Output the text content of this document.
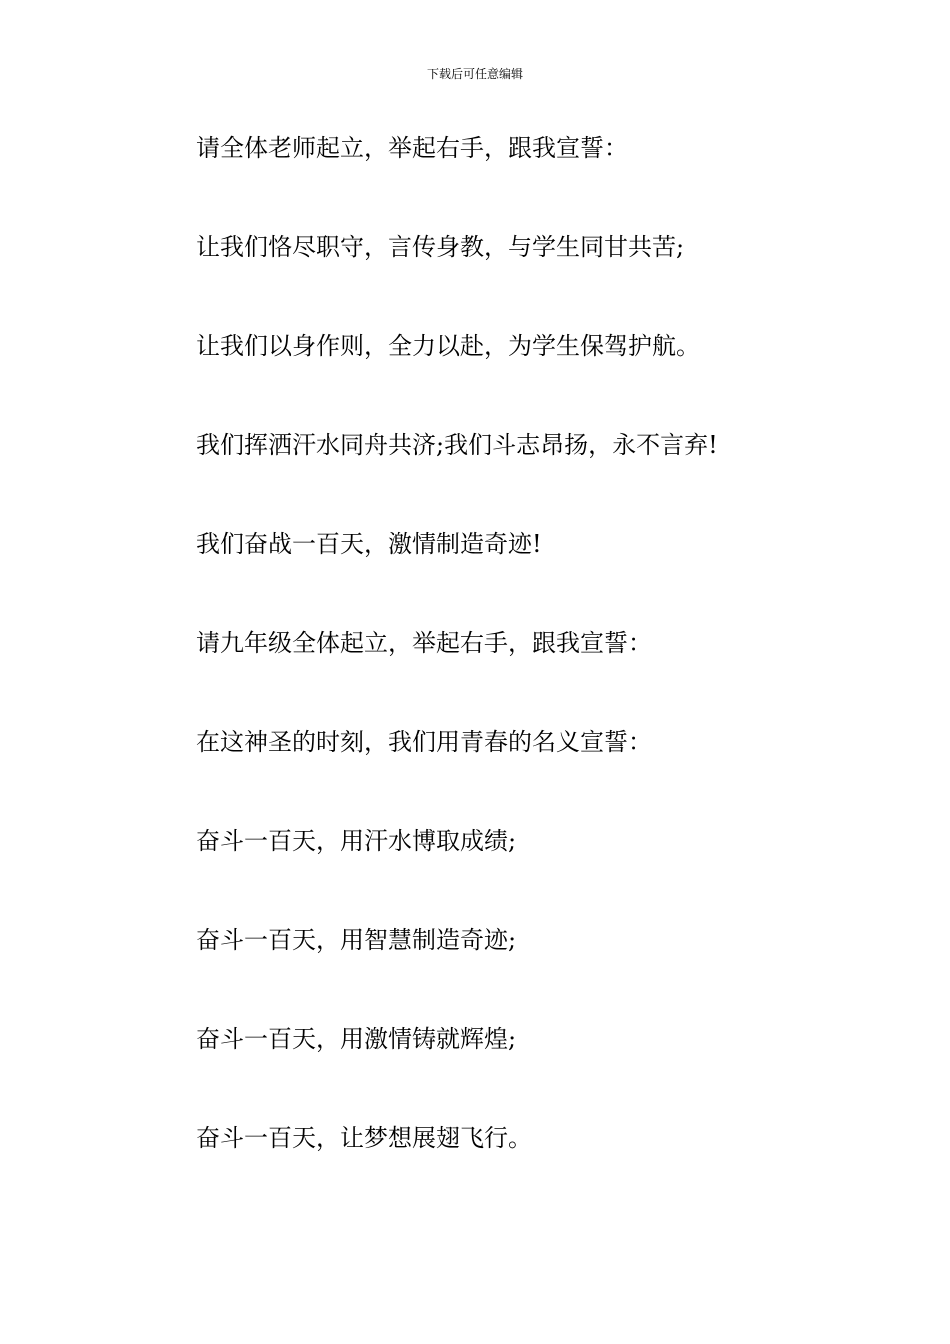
下载后可任意编辑

请全体老师起立，举起右手，跟我宣誓：

让我们恪尽职守，言传身教，与学生同甘共苦;

让我们以身作则，全力以赴，为学生保驾护航。

我们挥洒汗水同舟共济;我们斗志昂扬，永不言弃!

我们奋战一百天，激情制造奇迹!

请九年级全体起立，举起右手，跟我宣誓：

在这神圣的时刻，我们用青春的名义宣誓：

奋斗一百天，用汗水博取成绩;

奋斗一百天，用智慧制造奇迹;

奋斗一百天，用激情铸就辉煌;

奋斗一百天，让梦想展翅飞行。
